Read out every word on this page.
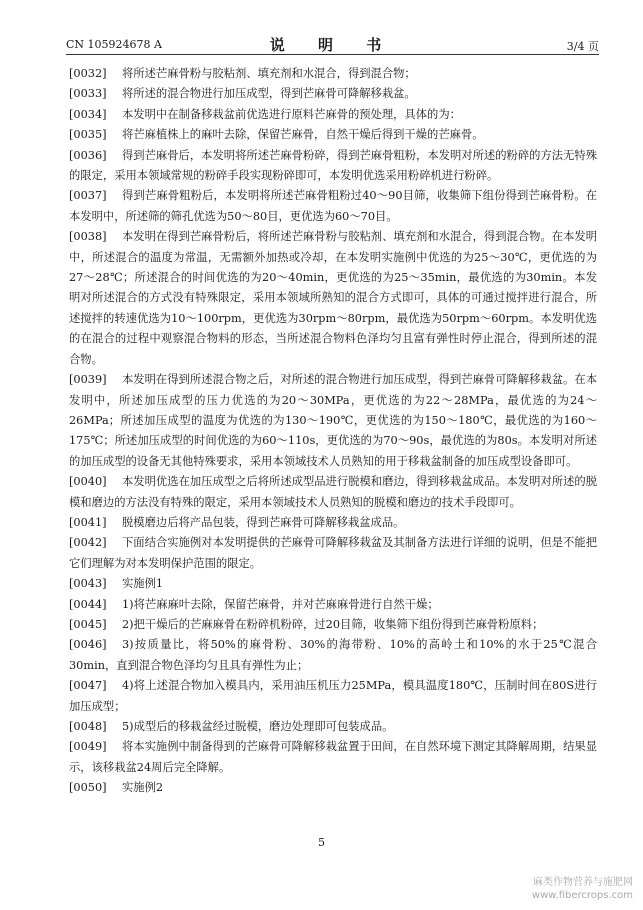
CN 105924678 A	说 明 书	3/4 页
[0032]	将所述芒麻骨粉与胶粘剂、填充剂和水混合，得到混合物；
[0033]	将所述的混合物进行加压成型，得到芒麻骨可降解移栽盆。
[0034]	本发明中在制备移栽盆前优选进行原料芒麻骨的预处理，具体的为：
[0035]	将芒麻植株上的麻叶去除，保留芒麻骨，自然干燥后得到干燥的芒麻骨。
[0036]	得到芒麻骨后，本发明将所述芒麻骨粉碎，得到芒麻骨粗粉，本发明对所述的粉碎的方法无特殊的限定，采用本领域常规的粉碎手段实现粉碎即可，本发明优选采用粉碎机进行粉碎。
[0037]	得到芒麻骨粗粉后，本发明将所述芒麻骨粗粉过40～90目筛，收集筛下组份得到芒麻骨粉。在本发明中，所述筛的筛孔优选为50～80目，更优选为60～70目。
[0038]	本发明在得到芒麻骨粉后，将所述芒麻骨粉与胶粘剂、填充剂和水混合，得到混合物。在本发明中，所述混合的温度为常温，无需额外加热或冷却，在本发明实施例中优选的为25～30℃，更优选的为27～28℃；所述混合的时间优选的为20～40min，更优选的为25～35min，最优选的为30min。本发明对所述混合的方式没有特殊限定，采用本领域所熟知的混合方式即可，具体的可通过搅拌进行混合，所述搅拌的转速优选为10～100rpm，更优选为30rpm～80rpm，最优选为50rpm～60rpm。本发明优选的在混合的过程中观察混合物料的形态，当所述混合物料色泽均匀且富有弹性时停止混合，得到所述的混合物。
[0039]	本发明在得到所述混合物之后，对所述的混合物进行加压成型，得到芒麻骨可降解移栽盆。在本发明中，所述加压成型的压力优选的为20～30MPa，更优选的为22～28MPa，最优选的为24～26MPa；所述加压成型的温度为优选的为130～190℃，更优选的为150～180℃，最优选的为160～175℃；所述加压成型的时间优选的为60～110s，更优选的为70～90s，最优选的为80s。本发明对所述的加压成型的设备无其他特殊要求，采用本领域技术人员熟知的用于移栽盆制备的加压成型设备即可。
[0040]	本发明优选在加压成型之后将所述成型品进行脱模和磨边，得到移栽盆成品。本发明对所述的脱模和磨边的方法没有特殊的限定，采用本领域技术人员熟知的脱模和磨边的技术手段即可。
[0041]	脱模磨边后将产品包装，得到芒麻骨可降解移栽盆成品。
[0042]	下面结合实施例对本发明提供的芒麻骨可降解移栽盆及其制备方法进行详细的说明，但是不能把它们理解为对本发明保护范围的限定。
[0043]	实施例1
[0044]	1)将芒麻麻叶去除，保留芒麻骨，并对芒麻麻骨进行自然干燥；
[0045]	2)把干燥后的芒麻麻骨在粉碎机粉碎，过20目筛，收集筛下组份得到芒麻骨粉原料；
[0046]	3)按质量比，将50%的麻骨粉、30%的海带粉、10%的高岭土和10%的水于25℃混合30min，直到混合物色泽均匀且具有弹性为止；
[0047]	4)将上述混合物加入模具内，采用油压机压力25MPa，模具温度180℃，压制时间在80S进行加压成型；
[0048]	5)成型后的移栽盆经过脱模，磨边处理即可包装成品。
[0049]	将本实施例中制备得到的芒麻骨可降解移栽盆置于田间，在自然环境下测定其降解周期，结果显示，该移栽盆24周后完全降解。
[0050]	实施例2
5
麻类作物营养与施肥网
www.fibercrops.com
